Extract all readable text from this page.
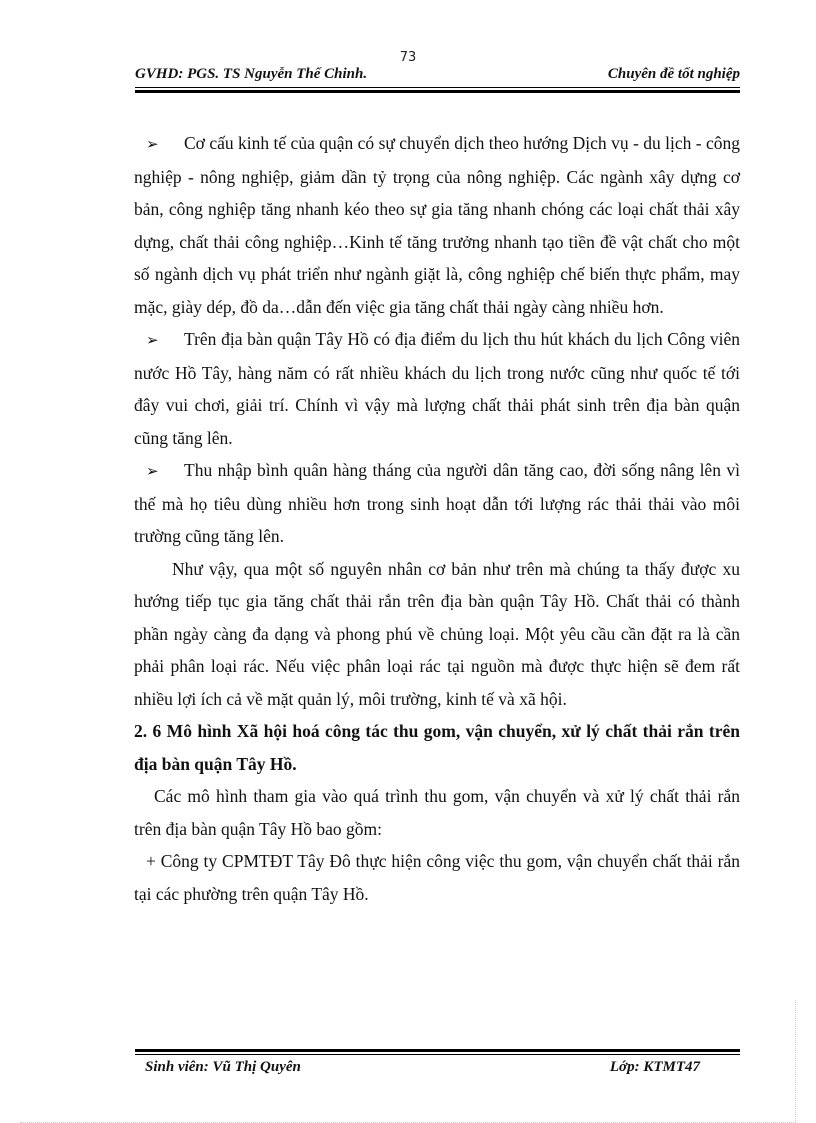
73
GVHD: PGS. TS Nguyễn Thế Chinh.	Chuyên đề tốt nghiệp

➢ Cơ cấu kinh tế của quận có sự chuyển dịch theo hướng Dịch vụ - du lịch - công nghiệp - nông nghiệp, giảm dần tỷ trọng của nông nghiệp. Các ngành xây dựng cơ bản, công nghiệp tăng nhanh kéo theo sự gia tăng nhanh chóng các loại chất thải xây dựng, chất thải công nghiệp…Kinh tế tăng trưởng nhanh tạo tiền đề vật chất cho một số ngành dịch vụ phát triển như ngành giặt là, công nghiệp chế biến thực phẩm, may mặc, giày dép, đồ da…dẫn đến việc gia tăng chất thải ngày càng nhiều hơn.

➢ Trên địa bàn quận Tây Hồ có địa điểm du lịch thu hút khách du lịch Công viên nước Hồ Tây, hàng năm có rất nhiều khách du lịch trong nước cũng như quốc tế tới đây vui chơi, giải trí. Chính vì vậy mà lượng chất thải phát sinh trên địa bàn quận cũng tăng lên.

➢ Thu nhập bình quân hàng tháng của người dân tăng cao, đời sống nâng lên vì thế mà họ tiêu dùng nhiều hơn trong sinh hoạt dẫn tới lượng rác thải thải vào môi trường cũng tăng lên.

Như vậy, qua một số nguyên nhân cơ bản như trên mà chúng ta thấy được xu hướng tiếp tục gia tăng chất thải rắn trên địa bàn quận Tây Hồ. Chất thải có thành phần ngày càng đa dạng và phong phú về chủng loại. Một yêu cầu cần đặt ra là cần phải phân loại rác. Nếu việc phân loại rác tại nguồn mà được thực hiện sẽ đem rất nhiều lợi ích cả về mặt quản lý, môi trường, kinh tế và xã hội.

2. 6 Mô hình Xã hội hoá công tác thu gom, vận chuyển, xử lý chất thải rắn trên địa bàn quận Tây Hồ.

Các mô hình tham gia vào quá trình thu gom, vận chuyển và xử lý chất thải rắn trên địa bàn quận Tây Hồ bao gồm:

+ Công ty CPMTĐT Tây Đô thực hiện công việc thu gom, vận chuyển chất thải rắn tại các phường trên quận Tây Hồ.

Sinh viên: Vũ Thị Quyên	Lớp: KTMT47
